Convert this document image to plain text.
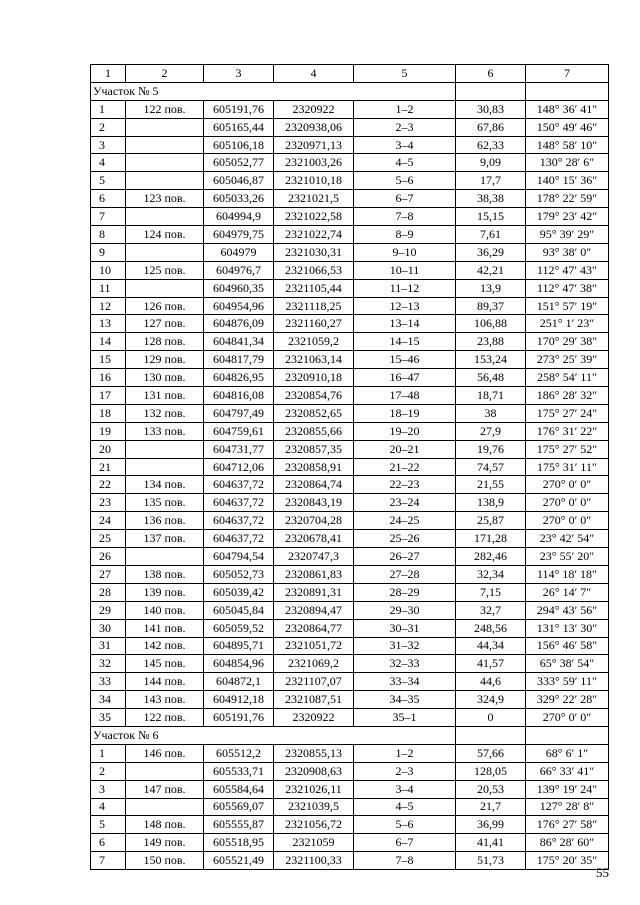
1	2	3	4	5	6	7
Участок № 5						
1	122 пов.	605191,76	2320922	1–2	30,83	148° 36′ 41″
2		605165,44	2320938,06	2–3	67,86	150° 49′ 46″
3		605106,18	2320971,13	3–4	62,33	148° 58′ 10″
4		605052,77	2321003,26	4–5	9,09	130° 28′ 6″
5		605046,87	2321010,18	5–6	17,7	140° 15′ 36″
6	123 пов.	605033,26	2321021,5	6–7	38,38	178° 22′ 59″
7		604994,9	2321022,58	7–8	15,15	179° 23′ 42″
8	124 пов.	604979,75	2321022,74	8–9	7,61	95° 39′ 29″
9		604979	2321030,31	9–10	36,29	93° 38′ 0″
10	125 пов.	604976,7	2321066,53	10–11	42,21	112° 47′ 43″
11		604960,35	2321105,44	11–12	13,9	112° 47′ 38″
12	126 пов.	604954,96	2321118,25	12–13	89,37	151° 57′ 19″
13	127 пов.	604876,09	2321160,27	13–14	106,88	251° 1′ 23″
14	128 пов.	604841,34	2321059,2	14–15	23,88	170° 29′ 38″
15	129 пов.	604817,79	2321063,14	15–46	153,24	273° 25′ 39″
16	130 пов.	604826,95	2320910,18	16–47	56,48	258° 54′ 11″
17	131 пов.	604816,08	2320854,76	17–48	18,71	186° 28′ 32″
18	132 пов.	604797,49	2320852,65	18–19	38	175° 27′ 24″
19	133 пов.	604759,61	2320855,66	19–20	27,9	176° 31′ 22″
20		604731,77	2320857,35	20–21	19,76	175° 27′ 52″
21		604712,06	2320858,91	21–22	74,57	175° 31′ 11″
22	134 пов.	604637,72	2320864,74	22–23	21,55	270° 0′ 0″
23	135 пов.	604637,72	2320843,19	23–24	138,9	270° 0′ 0″
24	136 пов.	604637,72	2320704,28	24–25	25,87	270° 0′ 0″
25	137 пов.	604637,72	2320678,41	25–26	171,28	23° 42′ 54″
26		604794,54	2320747,3	26–27	282,46	23° 55′ 20″
27	138 пов.	605052,73	2320861,83	27–28	32,34	114° 18′ 18″
28	139 пов.	605039,42	2320891,31	28–29	7,15	26° 14′ 7″
29	140 пов.	605045,84	2320894,47	29–30	32,7	294° 43′ 56″
30	141 пов.	605059,52	2320864,77	30–31	248,56	131° 13′ 30″
31	142 пов.	604895,71	2321051,72	31–32	44,34	156° 46′ 58″
32	145 пов.	604854,96	2321069,2	32–33	41,57	65° 38′ 54″
33	144 пов.	604872,1	2321107,07	33–34	44,6	333° 59′ 11″
34	143 пов.	604912,18	2321087,51	34–35	324,9	329° 22′ 28″
35	122 пов.	605191,76	2320922	35–1	0	270° 0′ 0″
Участок № 6						
1	146 пов.	605512,2	2320855,13	1–2	57,66	68° 6′ 1″
2		605533,71	2320908,63	2–3	128,05	66° 33′ 41″
3	147 пов.	605584,64	2321026,11	3–4	20,53	139° 19′ 24″
4		605569,07	2321039,5	4–5	21,7	127° 28′ 8″
5	148 пов.	605555,87	2321056,72	5–6	36,99	176° 27′ 58″
6	149 пов.	605518,95	2321059	6–7	41,41	86° 28′ 60″
7	150 пов.	605521,49	2321100,33	7–8	51,73	175° 20′ 35″
55
